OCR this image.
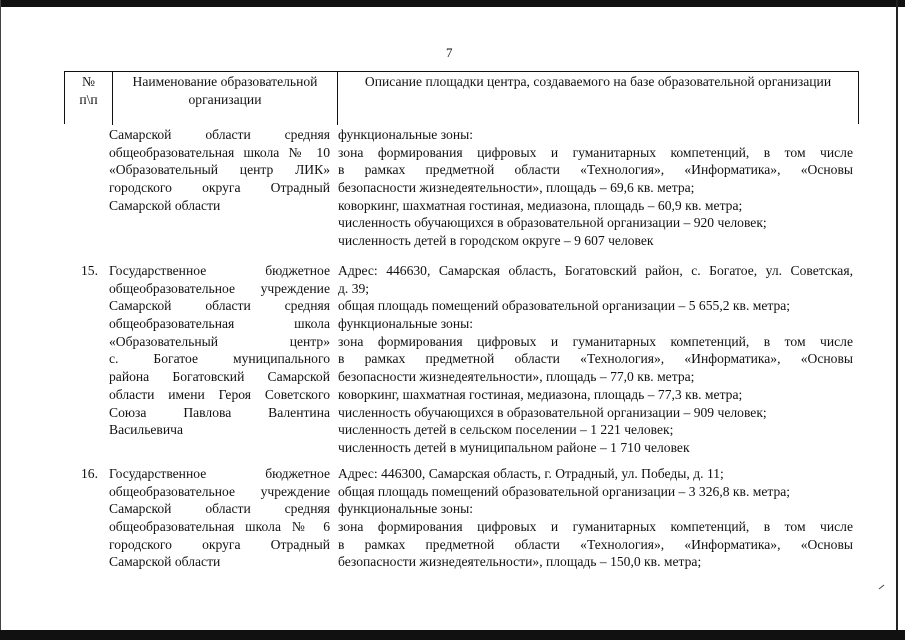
7
№ п\п
Наименование образовательной организации
Описание площадки центра, создаваемого на базе образовательной организации
Самарской области средняя
общеобразовательная школа № 10
«Образовательный центр ЛИК»
городского округа Отрадный
Самарской области
функциональные зоны:
зона формирования цифровых и гуманитарных компетенций, в том числе
в рамках предметной области «Технология», «Информатика», «Основы
безопасности жизнедеятельности», площадь – 69,6 кв. метра;
коворкинг, шахматная гостиная, медиазона, площадь – 60,9 кв. метра;
численность обучающихся в образовательной организации – 920 человек;
численность детей в городском округе – 9 607 человек
15. Государственное бюджетное
общеобразовательное учреждение
Самарской области средняя
общеобразовательная школа
«Образовательный центр»
с. Богатое муниципального
района Богатовский Самарской
области имени Героя Советского
Союза Павлова Валентина
Васильевича
Адрес: 446630, Самарская область, Богатовский район, с. Богатое, ул. Советская,
д. 39;
общая площадь помещений образовательной организации – 5 655,2 кв. метра;
функциональные зоны:
зона формирования цифровых и гуманитарных компетенций, в том числе
в рамках предметной области «Технология», «Информатика», «Основы
безопасности жизнедеятельности», площадь – 77,0 кв. метра;
коворкинг, шахматная гостиная, медиазона, площадь – 77,3 кв. метра;
численность обучающихся в образовательной организации – 909 человек;
численность детей в сельском поселении – 1 221 человек;
численность детей в муниципальном районе – 1 710 человек
16. Государственное бюджетное
общеобразовательное учреждение
Самарской области средняя
общеобразовательная школа № 6
городского округа Отрадный
Самарской области
Адрес: 446300, Самарская область, г. Отрадный, ул. Победы, д. 11;
общая площадь помещений образовательной организации – 3 326,8 кв. метра;
функциональные зоны:
зона формирования цифровых и гуманитарных компетенций, в том числе
в рамках предметной области «Технология», «Информатика», «Основы
безопасности жизнедеятельности», площадь – 150,0 кв. метра;
